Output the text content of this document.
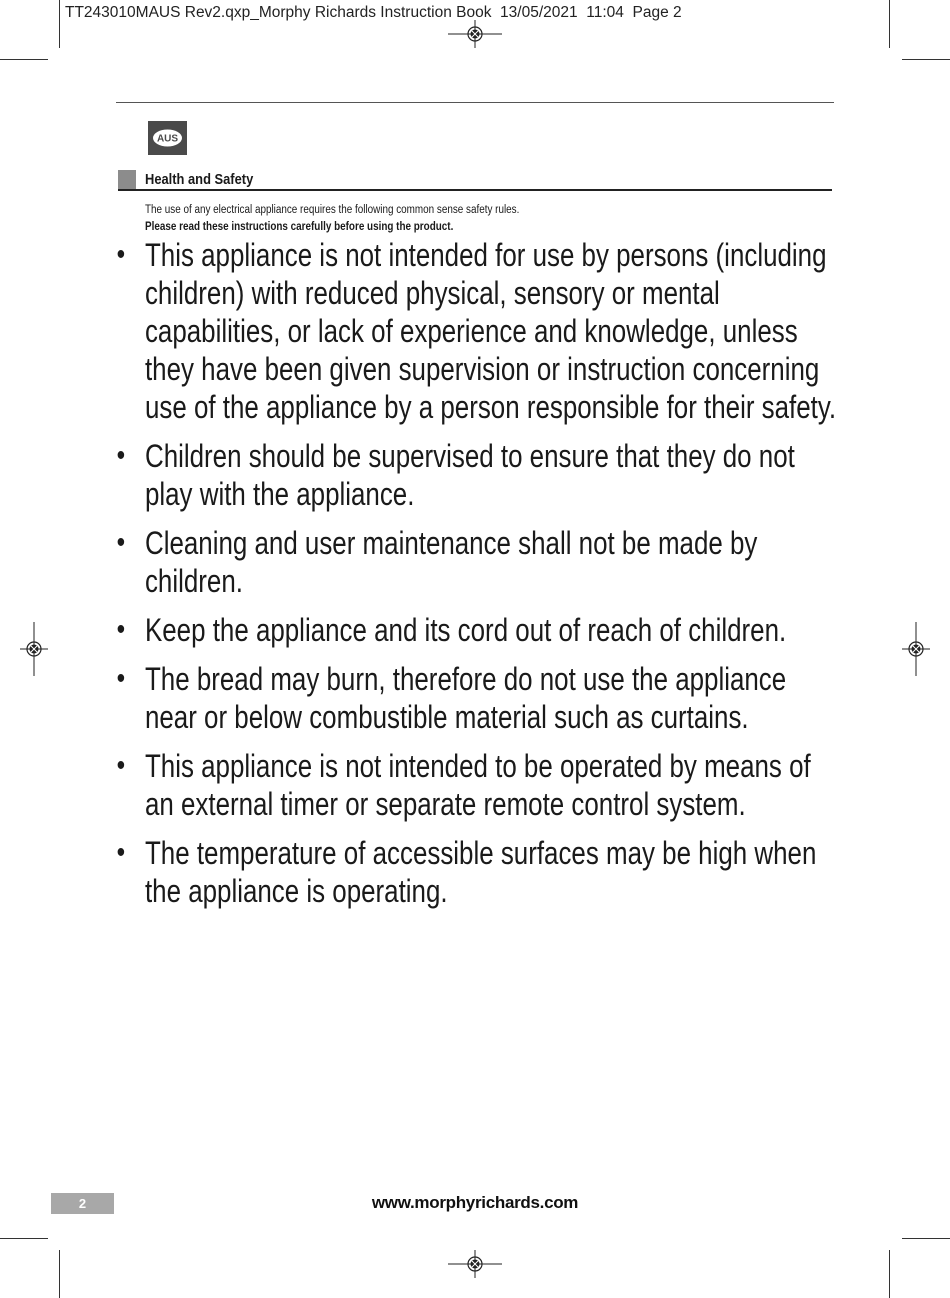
TT243010MAUS Rev2.qxp_Morphy Richards Instruction Book  13/05/2021  11:04  Page 2
AUS
Health and Safety
The use of any electrical appliance requires the following common sense safety rules.
Please read these instructions carefully before using the product.
• This appliance is not intended for use by persons (including children) with reduced physical, sensory or mental capabilities, or lack of experience and knowledge, unless they have been given supervision or instruction concerning use of the appliance by a person responsible for their safety.
• Children should be supervised to ensure that they do not play with the appliance.
• Cleaning and user maintenance shall not be made by children.
• Keep the appliance and its cord out of reach of children.
• The bread may burn, therefore do not use the appliance near or below combustible material such as curtains.
• This appliance is not intended to be operated by means of an external timer or separate remote control system.
• The temperature of accessible surfaces may be high when the appliance is operating.
2	www.morphyrichards.com
